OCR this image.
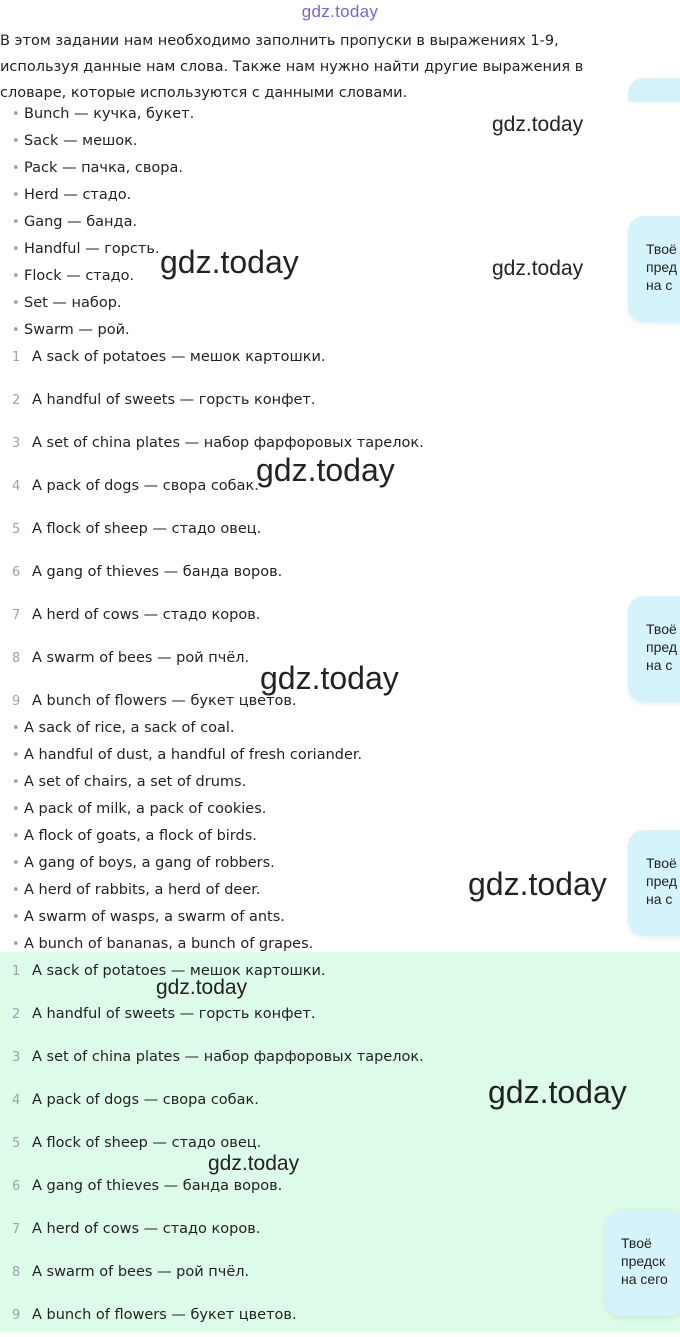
gdz.today
В этом задании нам необходимо заполнить пропуски в выражениях 1-9, используя данные нам слова. Также нам нужно найти другие выражения в словаре, которые используются с данными словами.
• Bunch — кучка, букет.
• Sack — мешок.
• Pack — пачка, свора.
• Herd — стадо.
• Gang — банда.
• Handful — горсть.
• Flock — стадо.
• Set — набор.
• Swarm — рой.
1 A sack of potatoes — мешок картошки.
2 A handful of sweets — горсть конфет.
3 A set of china plates — набор фарфоровых тарелок.
4 A pack of dogs — свора собак.
5 A flock of sheep — стадо овец.
6 A gang of thieves — банда воров.
7 A herd of cows — стадо коров.
8 A swarm of bees — рой пчёл.
9 A bunch of flowers — букет цветов.
• A sack of rice, a sack of coal.
• A handful of dust, a handful of fresh coriander.
• A set of chairs, a set of drums.
• A pack of milk, a pack of cookies.
• A flock of goats, a flock of birds.
• A gang of boys, a gang of robbers.
• A herd of rabbits, a herd of deer.
• A swarm of wasps, a swarm of ants.
• A bunch of bananas, a bunch of grapes.
1 A sack of potatoes — мешок картошки.
2 A handful of sweets — горсть конфет.
3 A set of china plates — набор фарфоровых тарелок.
4 A pack of dogs — свора собак.
5 A flock of sheep — стадо овец.
6 A gang of thieves — банда воров.
7 A herd of cows — стадо коров.
8 A swarm of bees — рой пчёл.
9 A bunch of flowers — букет цветов.
Твоё
пред
на с
Твоё
пред
на с
Твоё
пред
на с
Твоё
предск
на сего
gdz.today
gdz.today	gdz.today
gdz.today
gdz.today
gdz.today
gdz.today
gdz.today
gdz.today
